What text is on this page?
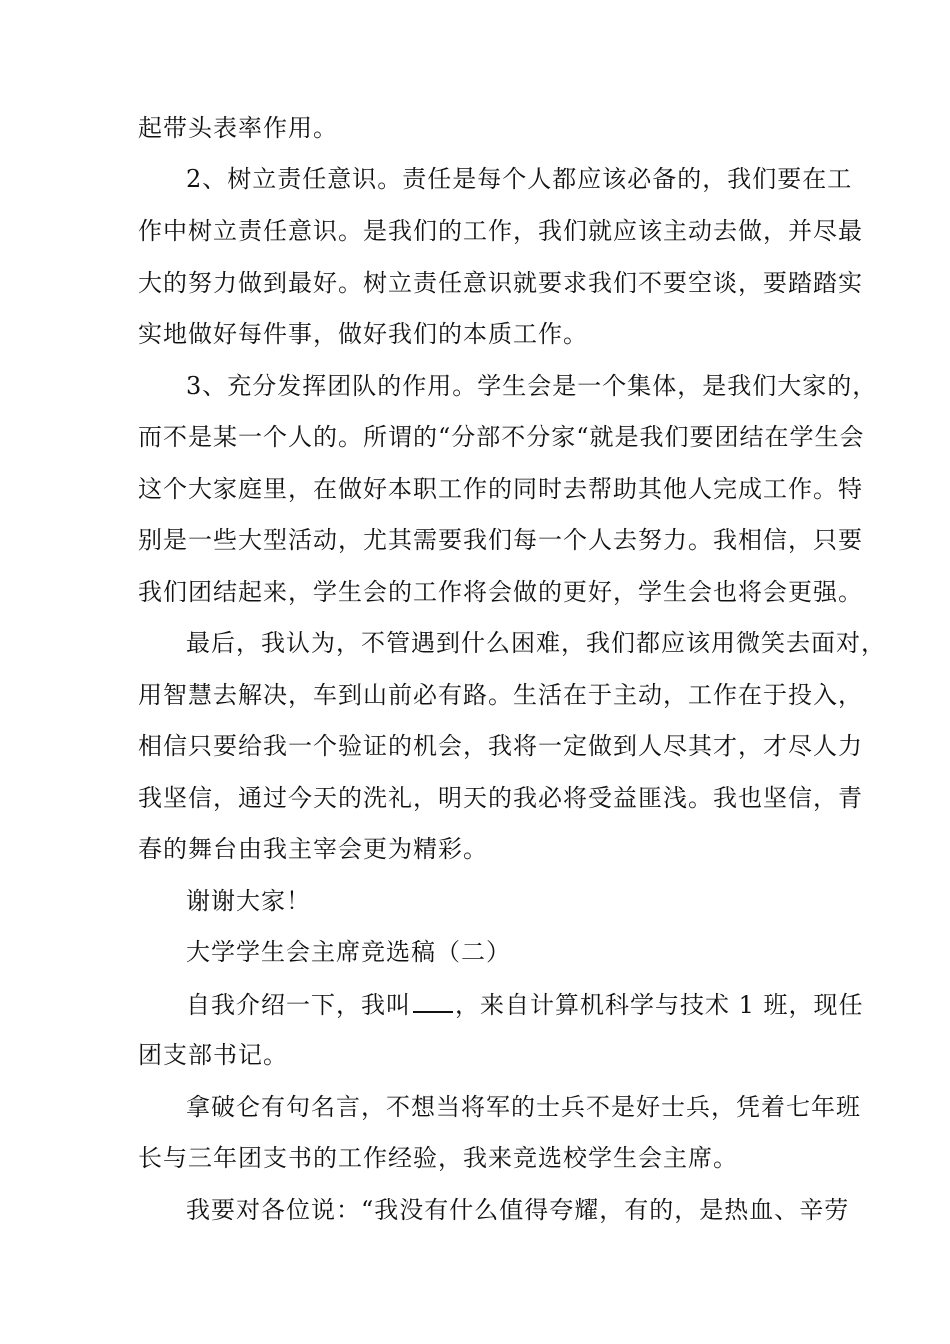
起带头表率作用。
2、树立责任意识。责任是每个人都应该必备的，我们要在工
作中树立责任意识。是我们的工作，我们就应该主动去做，并尽最
大的努力做到最好。树立责任意识就要求我们不要空谈，要踏踏实
实地做好每件事，做好我们的本质工作。
3、充分发挥团队的作用。学生会是一个集体，是我们大家的，
而不是某一个人的。所谓的“分部不分家“就是我们要团结在学生会
这个大家庭里，在做好本职工作的同时去帮助其他人完成工作。特
别是一些大型活动，尤其需要我们每一个人去努力。我相信，只要
我们团结起来，学生会的工作将会做的更好，学生会也将会更强。
最后，我认为，不管遇到什么困难，我们都应该用微笑去面对，
用智慧去解决，车到山前必有路。生活在于主动，工作在于投入，
相信只要给我一个验证的机会，我将一定做到人尽其才，才尽人力
我坚信，通过今天的洗礼，明天的我必将受益匪浅。我也坚信，青
春的舞台由我主宰会更为精彩。
谢谢大家！
大学学生会主席竞选稿（二）
自我介绍一下，我叫 ，来自计算机科学与技术 1 班，现任
团支部书记。
拿破仑有句名言，不想当将军的士兵不是好士兵，凭着七年班
长与三年团支书的工作经验，我来竞选校学生会主席。
我要对各位说：“我没有什么值得夸耀，有的，是热血、辛劳
